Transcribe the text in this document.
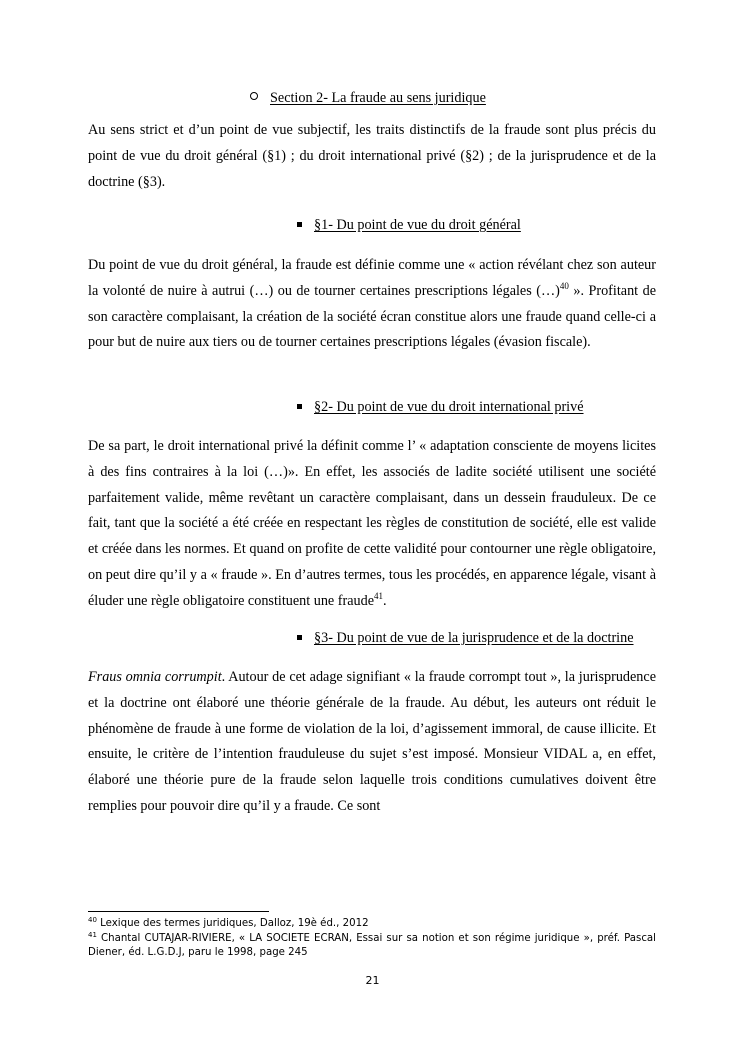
Section 2- La fraude au sens juridique

Au sens strict et d’un point de vue subjectif, les traits distinctifs de la fraude sont plus précis du point de vue du droit général (§1) ; du droit international privé (§2) ; de la jurisprudence et de la doctrine (§3).

§1- Du point de vue du droit général

Du point de vue du droit général, la fraude est définie comme une « action révélant chez son auteur la volonté de nuire à autrui (…) ou de tourner certaines prescriptions légales (…)$^{40}$ ». Profitant de son caractère complaisant, la création de la société écran constitue alors une fraude quand celle-ci a pour but de nuire aux tiers ou de tourner certaines prescriptions légales (évasion fiscale).

§2- Du point de vue du droit international privé

De sa part, le droit international privé la définit comme l’ « adaptation consciente de moyens licites à des fins contraires à la loi (…)». En effet, les associés de ladite société utilisent une société parfaitement valide, même revêtant un caractère complaisant, dans un dessein frauduleux. De ce fait, tant que la société a été créée en respectant les règles de constitution de société, elle est valide et créée dans les normes. Et quand on profite de cette validité pour contourner une règle obligatoire, on peut dire qu’il y a « fraude ». En d’autres termes, tous les procédés, en apparence légale, visant à éluder une règle obligatoire constituent une fraude$^{41}$.

§3- Du point de vue de la jurisprudence et de la doctrine

Fraus omnia corrumpit. Autour de cet adage signifiant « la fraude corrompt tout », la jurisprudence et la doctrine ont élaboré une théorie générale de la fraude. Au début, les auteurs ont réduit le phénomène de fraude à une forme de violation de la loi, d’agissement immoral, de cause illicite. Et ensuite, le critère de l’intention frauduleuse du sujet s’est imposé. Monsieur VIDAL a, en effet, élaboré une théorie pure de la fraude selon laquelle trois conditions cumulatives doivent être remplies pour pouvoir dire qu’il y a fraude. Ce sont

$^{40}$ Lexique des termes juridiques, Dalloz, 19è éd., 2012

$^{41}$ Chantal CUTAJAR-RIVIERE, « LA SOCIETE ECRAN, Essai sur sa notion et son régime juridique », préf. Pascal Diener, éd. L.G.D.J, paru le 1998, page 245

21
